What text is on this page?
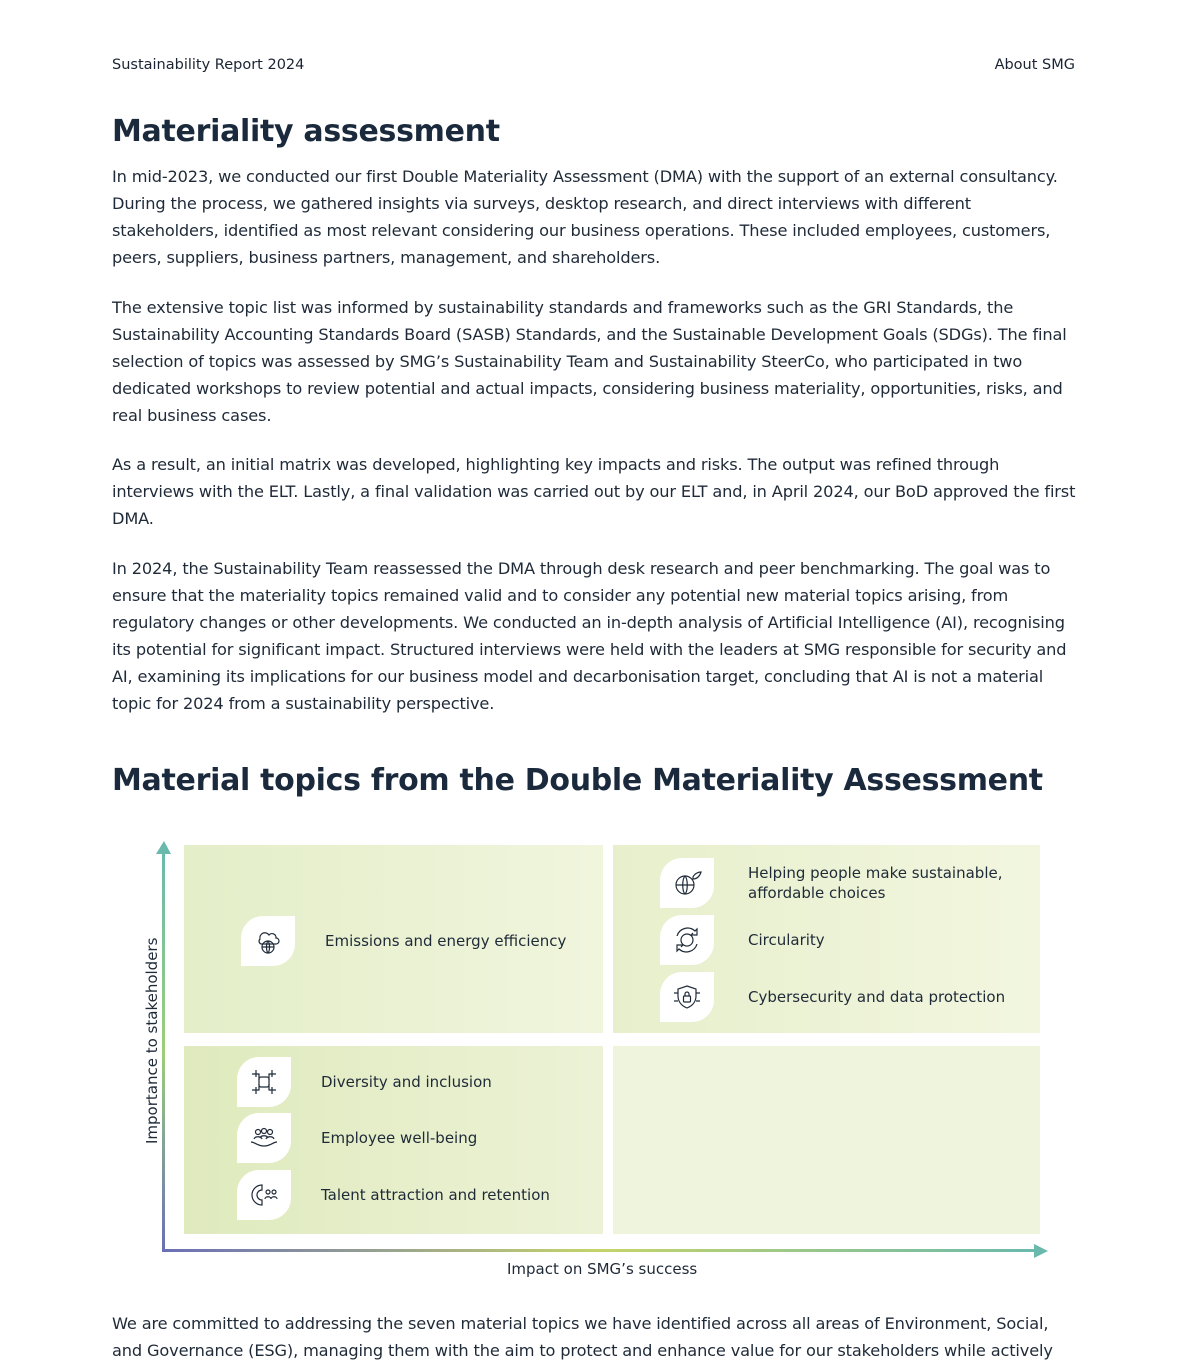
Sustainability Report 2024	About SMG
Materiality assessment

In mid-2023, we conducted our first Double Materiality Assessment (DMA) with the support of an external consultancy. During the process, we gathered insights via surveys, desktop research, and direct interviews with different stakeholders, identified as most relevant considering our business operations. These included employees, customers, peers, suppliers, business partners, management, and shareholders.

The extensive topic list was informed by sustainability standards and frameworks such as the GRI Standards, the Sustainability Accounting Standards Board (SASB) Standards, and the Sustainable Development Goals (SDGs). The final selection of topics was assessed by SMG’s Sustainability Team and Sustainability SteerCo, who participated in two dedicated workshops to review potential and actual impacts, considering business materiality, opportunities, risks, and real business cases.

As a result, an initial matrix was developed, highlighting key impacts and risks. The output was refined through interviews with the ELT. Lastly, a final validation was carried out by our ELT and, in April 2024, our BoD approved the first DMA.

In 2024, the Sustainability Team reassessed the DMA through desk research and peer benchmarking. The goal was to ensure that the materiality topics remained valid and to consider any potential new material topics arising, from regulatory changes or other developments. We conducted an in-depth analysis of Artificial Intelligence (AI), recognising its potential for significant impact. Structured interviews were held with the leaders at SMG responsible for security and AI, examining its implications for our business model and decarbonisation target, concluding that AI is not a material topic for 2024 from a sustainability perspective.

Material topics from the Double Materiality Assessment
Importance to stakeholders
Impact on SMG’s success
Emissions and energy efficiency
Helping people make sustainable, affordable choices
Circularity
Cybersecurity and data protection
Diversity and inclusion
Employee well-being
Talent attraction and retention

We are committed to addressing the seven material topics we have identified across all areas of Environment, Social, and Governance (ESG), managing them with the aim to protect and enhance value for our stakeholders while actively
